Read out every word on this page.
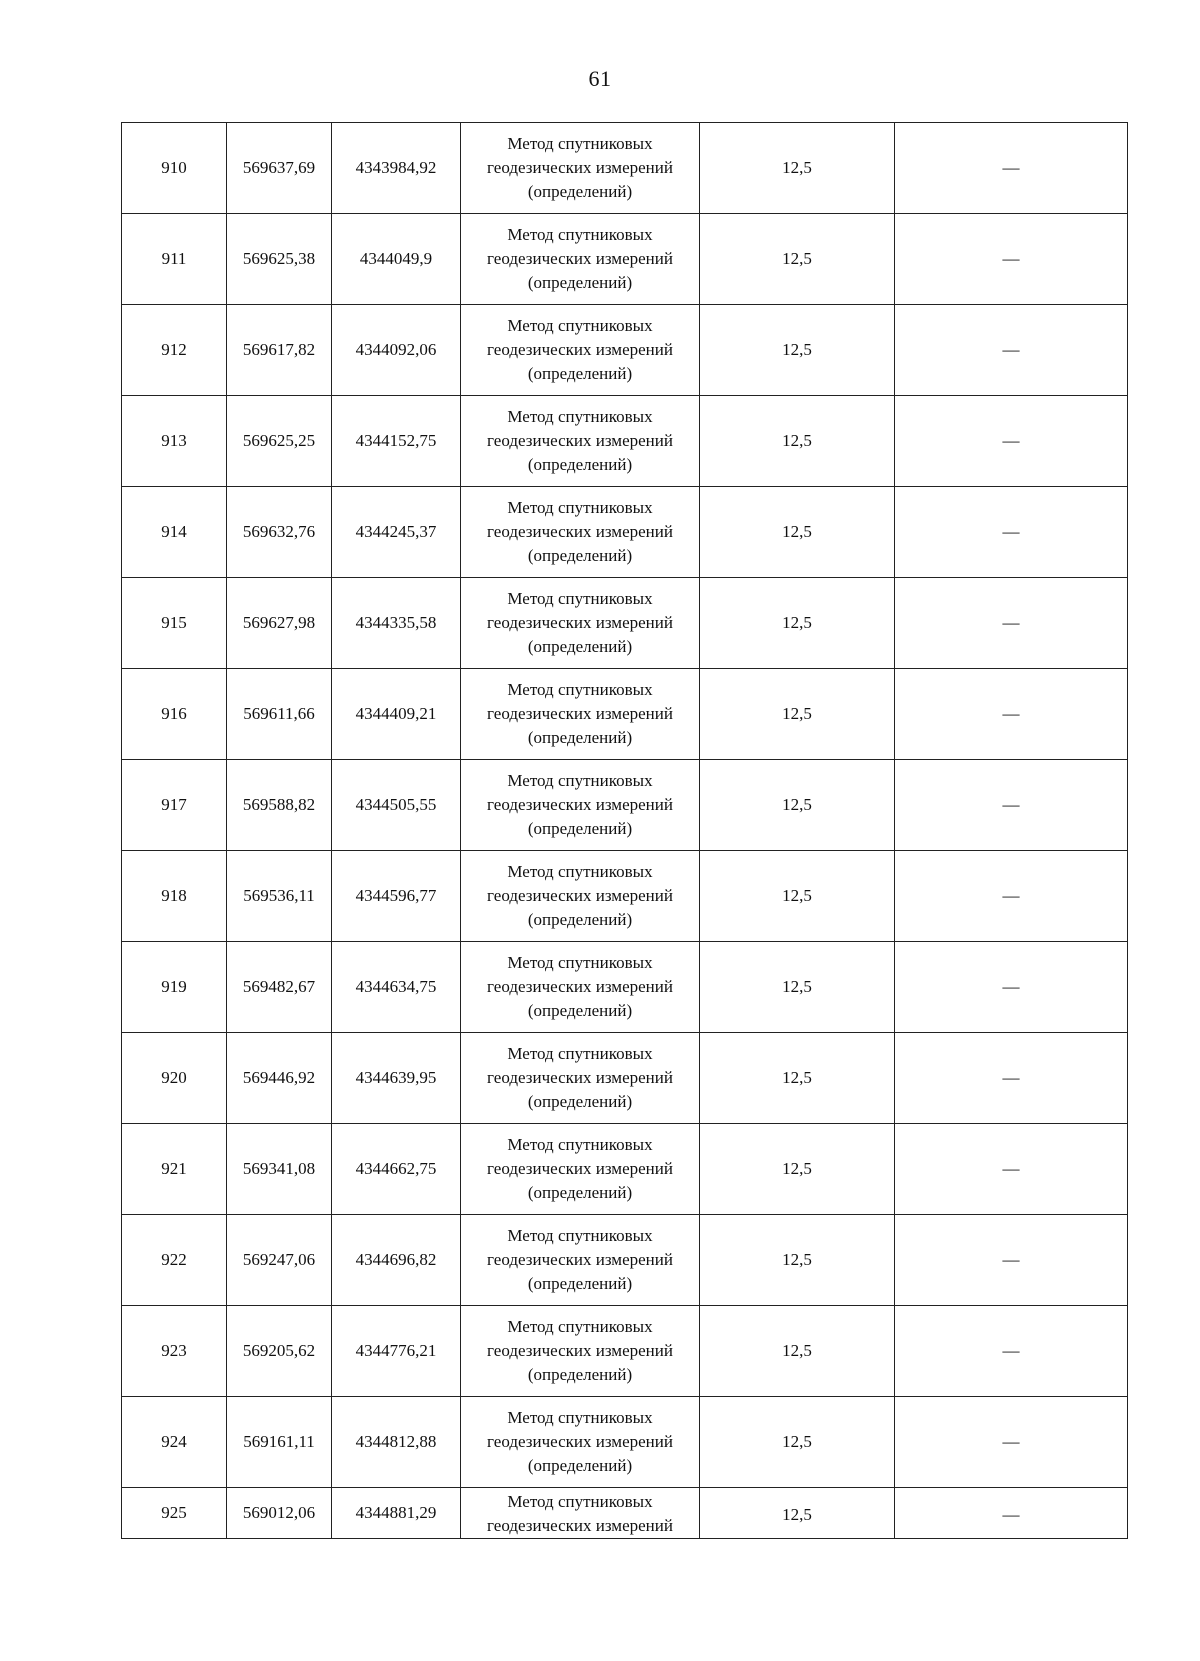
61
910	569637,69	4343984,92	Метод спутниковых
геодезических измерений
(определений)	12,5	—
911	569625,38	4344049,9	Метод спутниковых
геодезических измерений
(определений)	12,5	—
912	569617,82	4344092,06	Метод спутниковых
геодезических измерений
(определений)	12,5	—
913	569625,25	4344152,75	Метод спутниковых
геодезических измерений
(определений)	12,5	—
914	569632,76	4344245,37	Метод спутниковых
геодезических измерений
(определений)	12,5	—
915	569627,98	4344335,58	Метод спутниковых
геодезических измерений
(определений)	12,5	—
916	569611,66	4344409,21	Метод спутниковых
геодезических измерений
(определений)	12,5	—
917	569588,82	4344505,55	Метод спутниковых
геодезических измерений
(определений)	12,5	—
918	569536,11	4344596,77	Метод спутниковых
геодезических измерений
(определений)	12,5	—
919	569482,67	4344634,75	Метод спутниковых
геодезических измерений
(определений)	12,5	—
920	569446,92	4344639,95	Метод спутниковых
геодезических измерений
(определений)	12,5	—
921	569341,08	4344662,75	Метод спутниковых
геодезических измерений
(определений)	12,5	—
922	569247,06	4344696,82	Метод спутниковых
геодезических измерений
(определений)	12,5	—
923	569205,62	4344776,21	Метод спутниковых
геодезических измерений
(определений)	12,5	—
924	569161,11	4344812,88	Метод спутниковых
геодезических измерений
(определений)	12,5	—
925	569012,06	4344881,29	Метод спутниковых
геодезических измерений	12,5	—
